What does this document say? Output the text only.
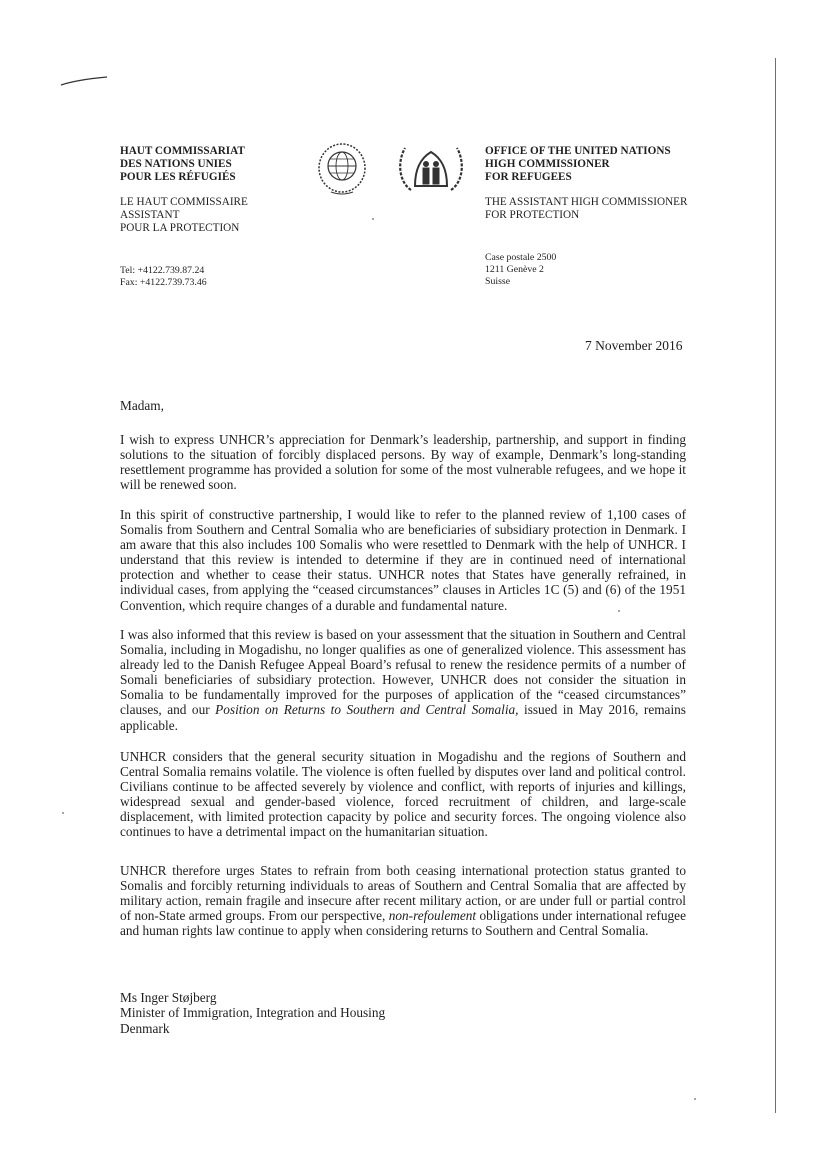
HAUT COMMISSARIAT
DES NATIONS UNIES
POUR LES RÉFUGIÉS
LE HAUT COMMISSAIRE
ASSISTANT
POUR LA PROTECTION
Tel: +4122.739.87.24
Fax: +4122.739.73.46
OFFICE OF THE UNITED NATIONS
HIGH COMMISSIONER
FOR REFUGEES
THE ASSISTANT HIGH COMMISSIONER
FOR PROTECTION
Case postale 2500
1211 Genève 2
Suisse
7 November 2016
Madam,
I wish to express UNHCR’s appreciation for Denmark’s leadership, partnership, and support in finding solutions to the situation of forcibly displaced persons. By way of example, Denmark’s long-standing resettlement programme has provided a solution for some of the most vulnerable refugees, and we hope it will be renewed soon.
In this spirit of constructive partnership, I would like to refer to the planned review of 1,100 cases of Somalis from Southern and Central Somalia who are beneficiaries of subsidiary protection in Denmark. I am aware that this also includes 100 Somalis who were resettled to Denmark with the help of UNHCR. I understand that this review is intended to determine if they are in continued need of international protection and whether to cease their status. UNHCR notes that States have generally refrained, in individual cases, from applying the “ceased circumstances” clauses in Articles 1C (5) and (6) of the 1951 Convention, which require changes of a durable and fundamental nature.
I was also informed that this review is based on your assessment that the situation in Southern and Central Somalia, including in Mogadishu, no longer qualifies as one of generalized violence. This assessment has already led to the Danish Refugee Appeal Board’s refusal to renew the residence permits of a number of Somali beneficiaries of subsidiary protection. However, UNHCR does not consider the situation in Somalia to be fundamentally improved for the purposes of application of the “ceased circumstances” clauses, and our Position on Returns to Southern and Central Somalia, issued in May 2016, remains applicable.
UNHCR considers that the general security situation in Mogadishu and the regions of Southern and Central Somalia remains volatile. The violence is often fuelled by disputes over land and political control. Civilians continue to be affected severely by violence and conflict, with reports of injuries and killings, widespread sexual and gender-based violence, forced recruitment of children, and large-scale displacement, with limited protection capacity by police and security forces. The ongoing violence also continues to have a detrimental impact on the humanitarian situation.
UNHCR therefore urges States to refrain from both ceasing international protection status granted to Somalis and forcibly returning individuals to areas of Southern and Central Somalia that are affected by military action, remain fragile and insecure after recent military action, or are under full or partial control of non-State armed groups. From our perspective, non-refoulement obligations under international refugee and human rights law continue to apply when considering returns to Southern and Central Somalia.
Ms Inger Støjberg
Minister of Immigration, Integration and Housing
Denmark
